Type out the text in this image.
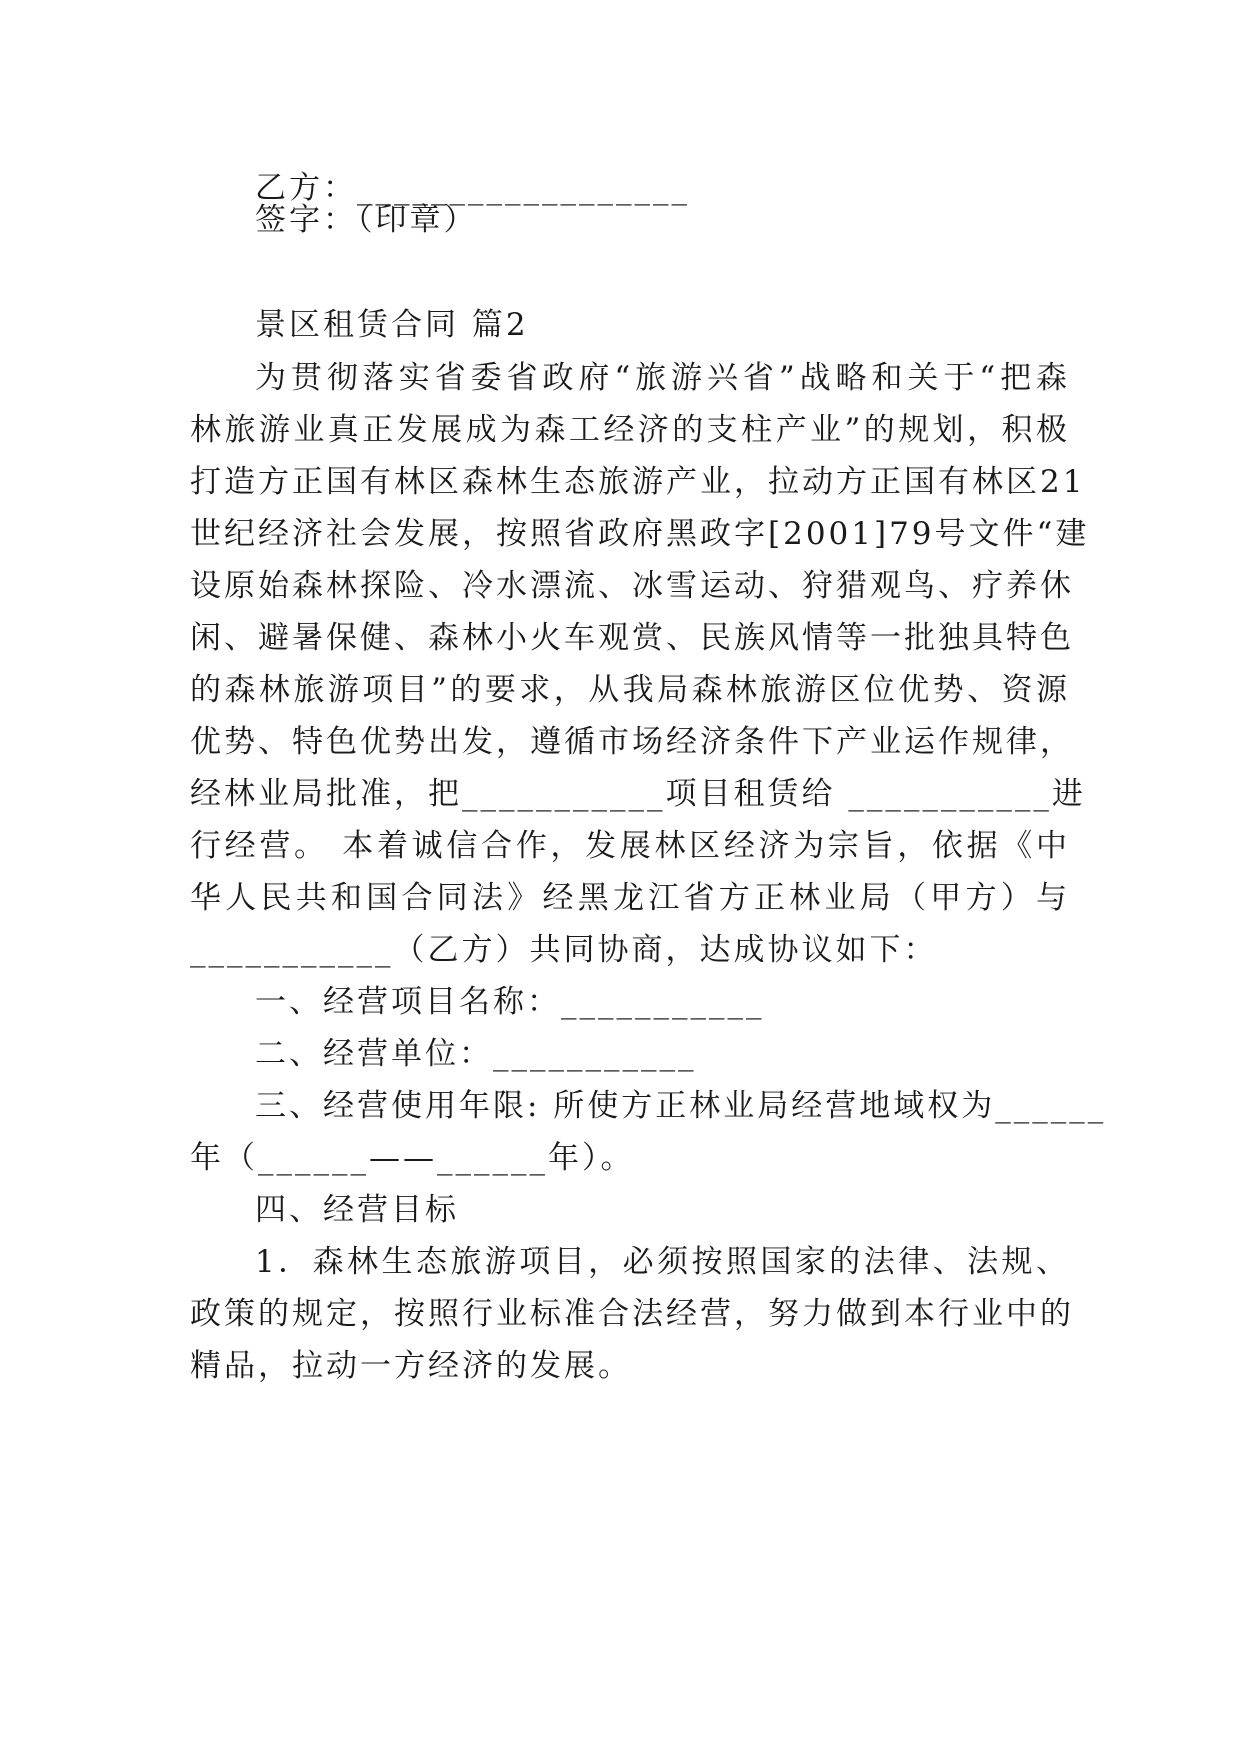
乙方：__________________
签字：（印章）
景区租赁合同 篇2
为贯彻落实省委省政府“旅游兴省”战略和关于“把森
林旅游业真正发展成为森工经济的支柱产业”的规划，积极
打造方正国有林区森林生态旅游产业，拉动方正国有林区21
世纪经济社会发展，按照省政府黑政字[2001]79号文件“建
设原始森林探险、冷水漂流、冰雪运动、狩猎观鸟、疗养休
闲、避暑保健、森林小火车观赏、民族风情等一批独具特色
的森林旅游项目”的要求，从我局森林旅游区位优势、资源
优势、特色优势出发，遵循市场经济条件下产业运作规律，
经林业局批准，把___________项目租赁给 ___________进
行经营。 本着诚信合作，发展林区经济为宗旨，依据《中
华人民共和国合同法》经黑龙江省方正林业局（甲方）与
___________（乙方）共同协商，达成协议如下：
一、经营项目名称：___________
二、经营单位：___________
三、经营使用年限: 所使方正林业局经营地域权为______
年（______——______年）。
四、经营目标
1．森林生态旅游项目，必须按照国家的法律、法规、
政策的规定，按照行业标准合法经营，努力做到本行业中的
精品，拉动一方经济的发展。
